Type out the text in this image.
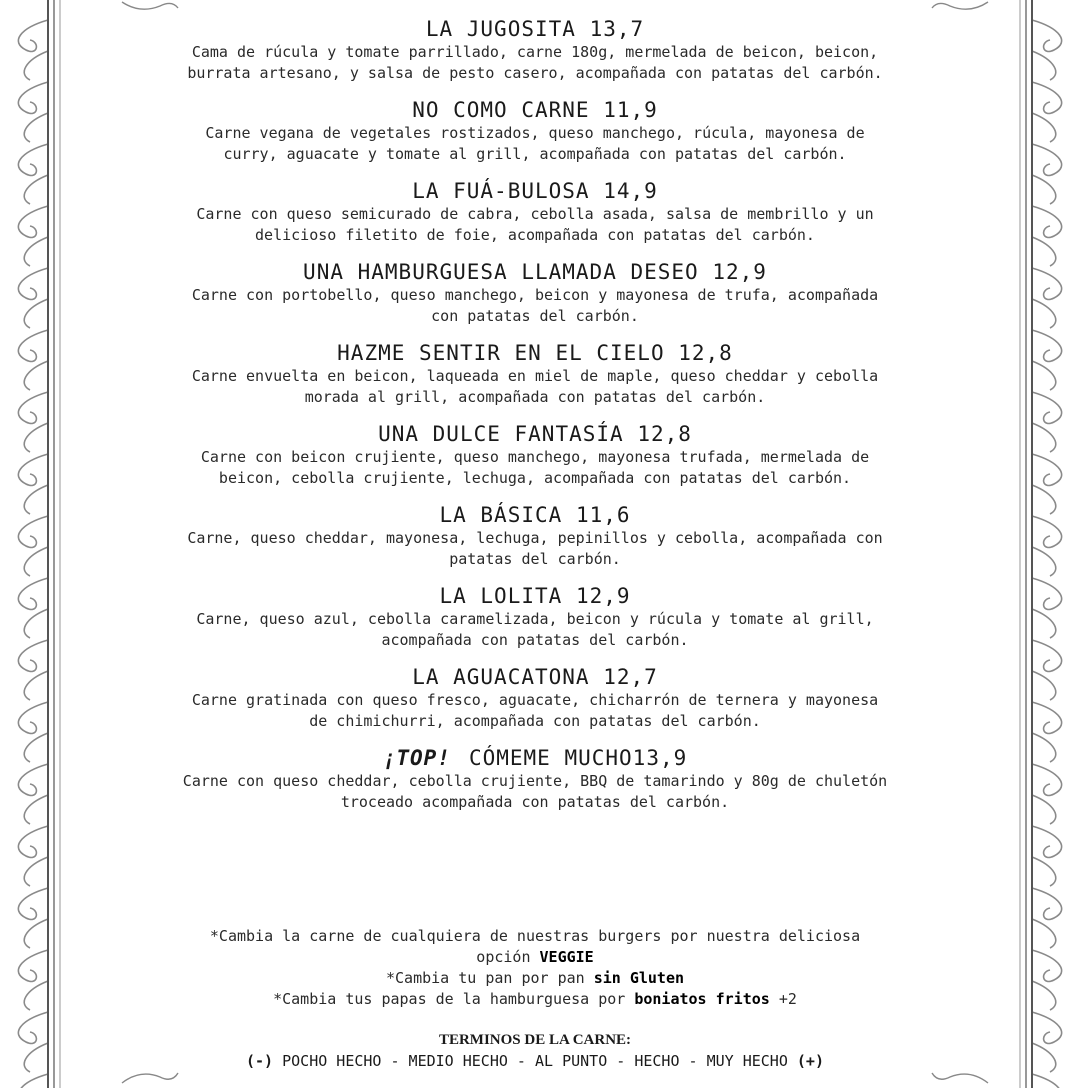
LA JUGOSITA 13,7

Cama de rúcula y tomate parrillado, carne 180g, mermelada de beicon, beicon,

burrata artesano, y salsa de pesto casero, acompañada con patatas del carbón.

NO COMO CARNE 11,9

Carne vegana de vegetales rostizados, queso manchego, rúcula, mayonesa de

curry, aguacate y tomate al grill, acompañada con patatas del carbón.

LA FUÁ-BULOSA 14,9

Carne con queso semicurado de cabra, cebolla asada, salsa de membrillo y un

delicioso filetito de foie, acompañada con patatas del carbón.

UNA HAMBURGUESA LLAMADA DESEO 12,9

Carne con portobello, queso manchego, beicon y mayonesa de trufa, acompañada

con patatas del carbón.

HAZME SENTIR EN EL CIELO 12,8

Carne envuelta en beicon, laqueada en miel de maple, queso cheddar y cebolla

morada al grill, acompañada con patatas del carbón.

UNA DULCE FANTASÍA 12,8

Carne con beicon crujiente, queso manchego, mayonesa trufada, mermelada de

beicon, cebolla crujiente, lechuga, acompañada con patatas del carbón.

LA BÁSICA 11,6

Carne, queso cheddar, mayonesa, lechuga, pepinillos y cebolla, acompañada con

patatas del carbón.

LA LOLITA 12,9

Carne, queso azul, cebolla caramelizada, beicon y rúcula y tomate al grill,

acompañada con patatas del carbón.

LA AGUACATONA 12,7

Carne gratinada con queso fresco, aguacate, chicharrón de ternera y mayonesa

de chimichurri, acompañada con patatas del carbón.

¡TOP! CÓMEME MUCHO13,9

Carne con queso cheddar, cebolla crujiente, BBQ de tamarindo y 80g de chuletón

troceado acompañada con patatas del carbón.

*Cambia la carne de cualquiera de nuestras burgers por nuestra deliciosa

opción VEGGIE

*Cambia tu pan por pan sin Gluten

*Cambia tus papas de la hamburguesa por boniatos fritos +2

TERMINOS DE LA CARNE:

(-) POCHO HECHO - MEDIO HECHO - AL PUNTO - HECHO - MUY HECHO (+)
